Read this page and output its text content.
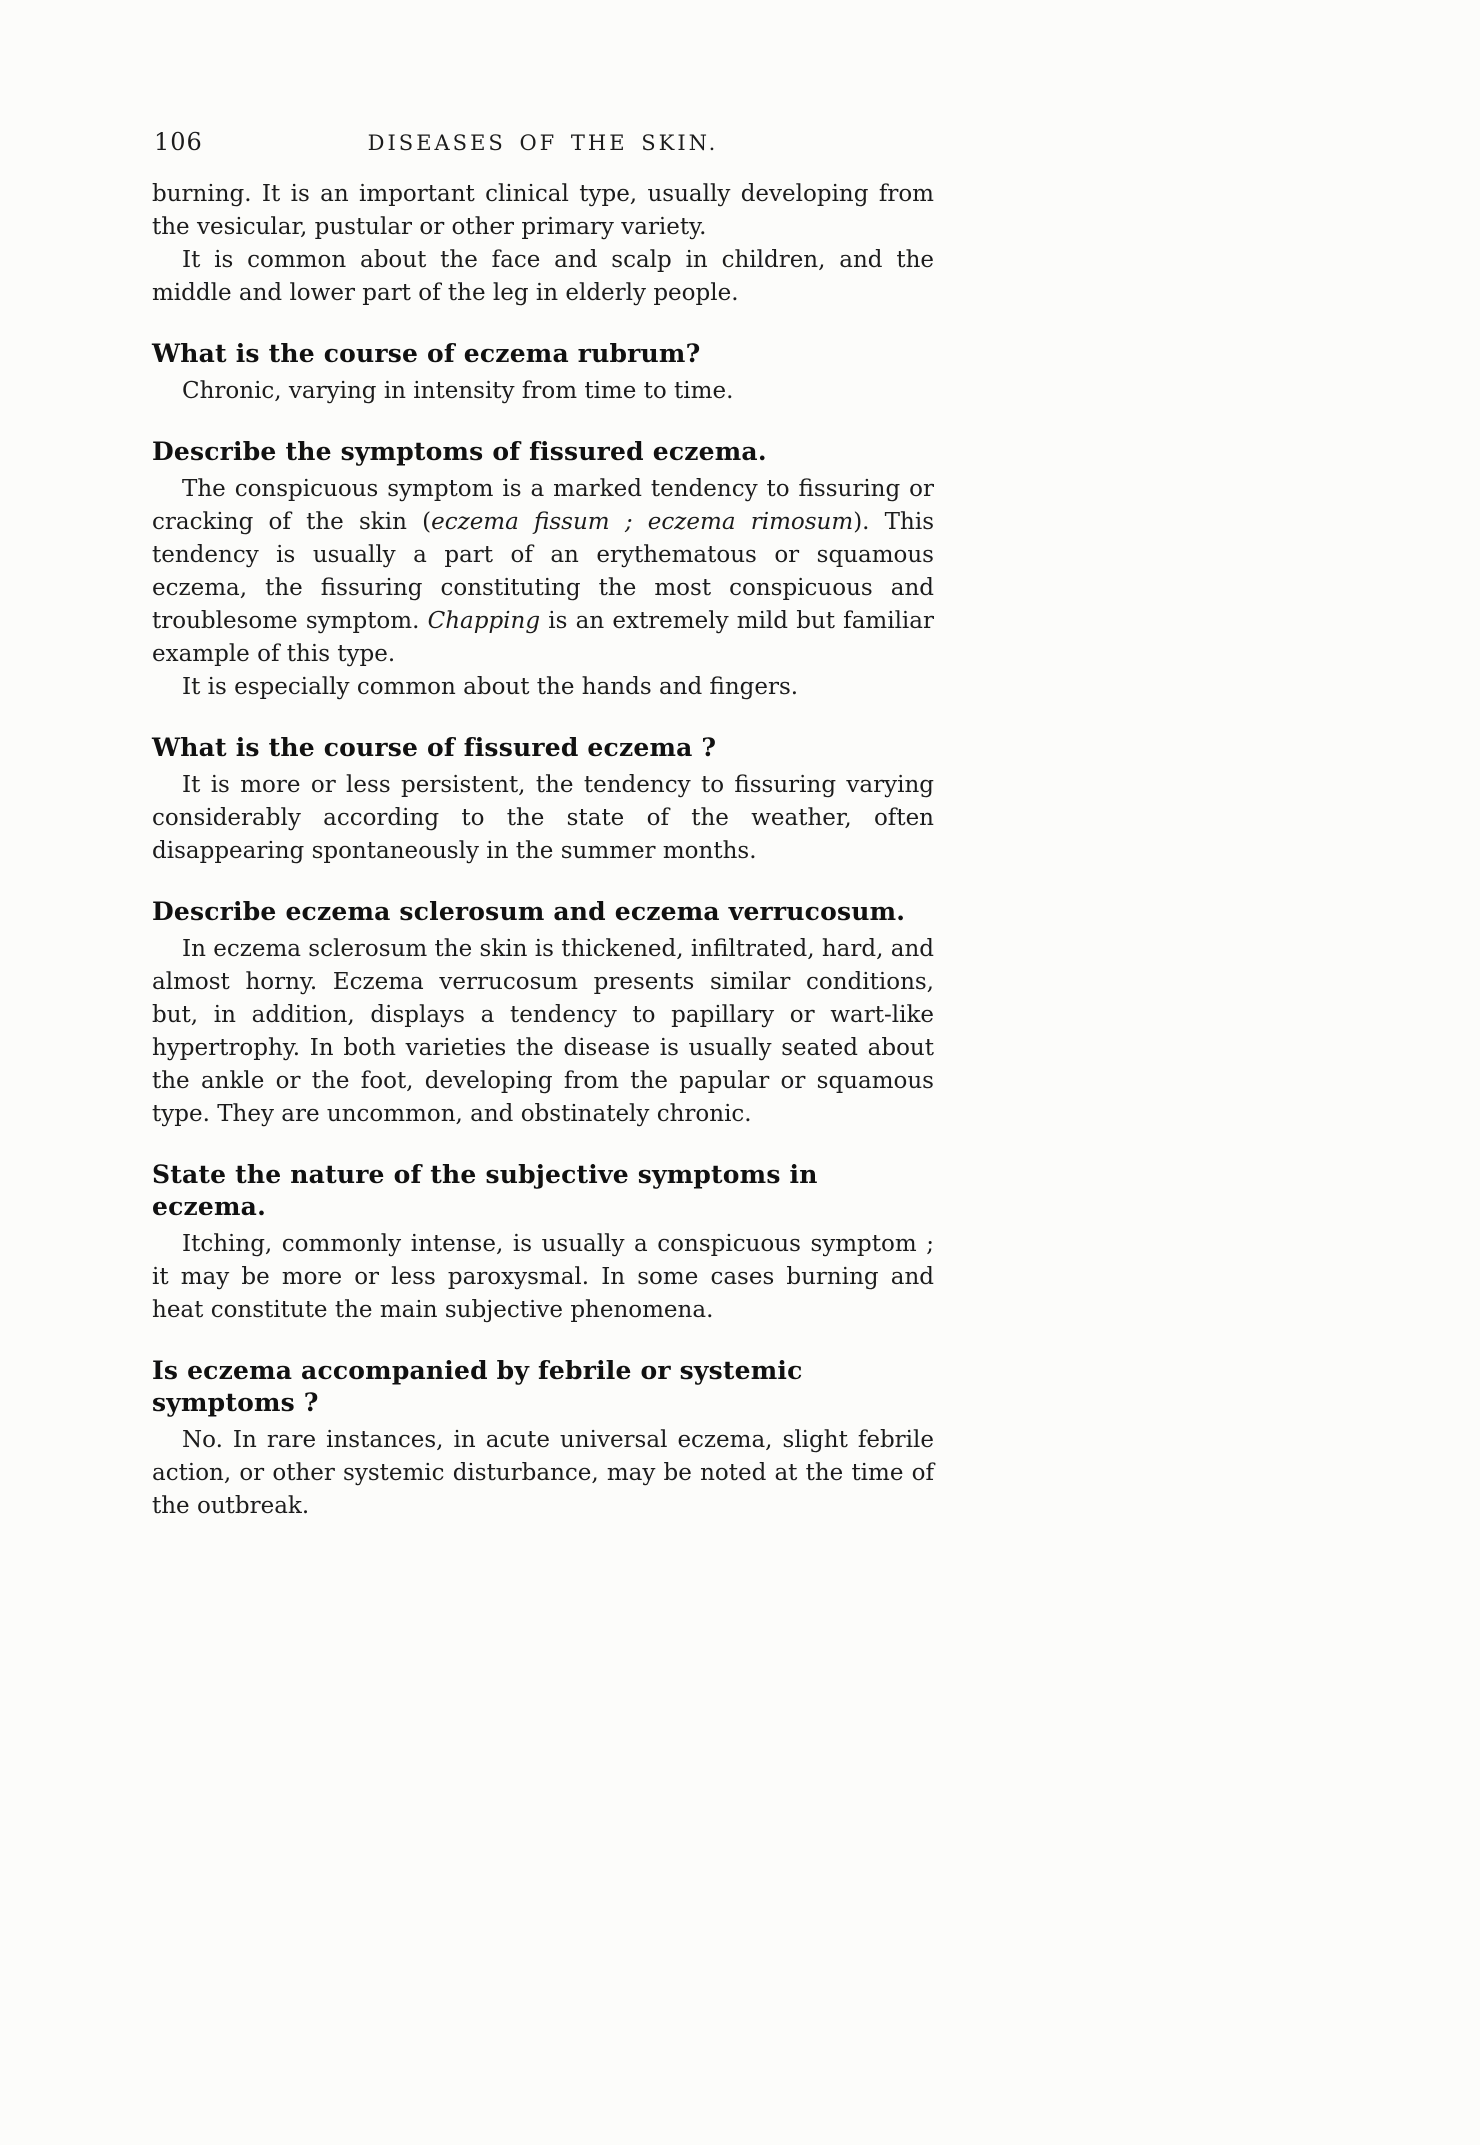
106	DISEASES OF THE SKIN.

burning. It is an important clinical type, usually developing from the vesicular, pustular or other primary variety.

It is common about the face and scalp in children, and the middle and lower part of the leg in elderly people.

What is the course of eczema rubrum?

Chronic, varying in intensity from time to time.

Describe the symptoms of fissured eczema.

The conspicuous symptom is a marked tendency to fissuring or cracking of the skin (eczema fissum ; eczema rimosum). This tendency is usually a part of an erythematous or squamous eczema, the fissuring constituting the most conspicuous and troublesome symptom. Chapping is an extremely mild but familiar example of this type.

It is especially common about the hands and fingers.

What is the course of fissured eczema ?

It is more or less persistent, the tendency to fissuring varying considerably according to the state of the weather, often disappearing spontaneously in the summer months.

Describe eczema sclerosum and eczema verrucosum.

In eczema sclerosum the skin is thickened, infiltrated, hard, and almost horny. Eczema verrucosum presents similar conditions, but, in addition, displays a tendency to papillary or wart-like hypertrophy. In both varieties the disease is usually seated about the ankle or the foot, developing from the papular or squamous type. They are uncommon, and obstinately chronic.

State the nature of the subjective symptoms in eczema.

Itching, commonly intense, is usually a conspicuous symptom ; it may be more or less paroxysmal. In some cases burning and heat constitute the main subjective phenomena.

Is eczema accompanied by febrile or systemic symptoms ?

No. In rare instances, in acute universal eczema, slight febrile action, or other systemic disturbance, may be noted at the time of the outbreak.
